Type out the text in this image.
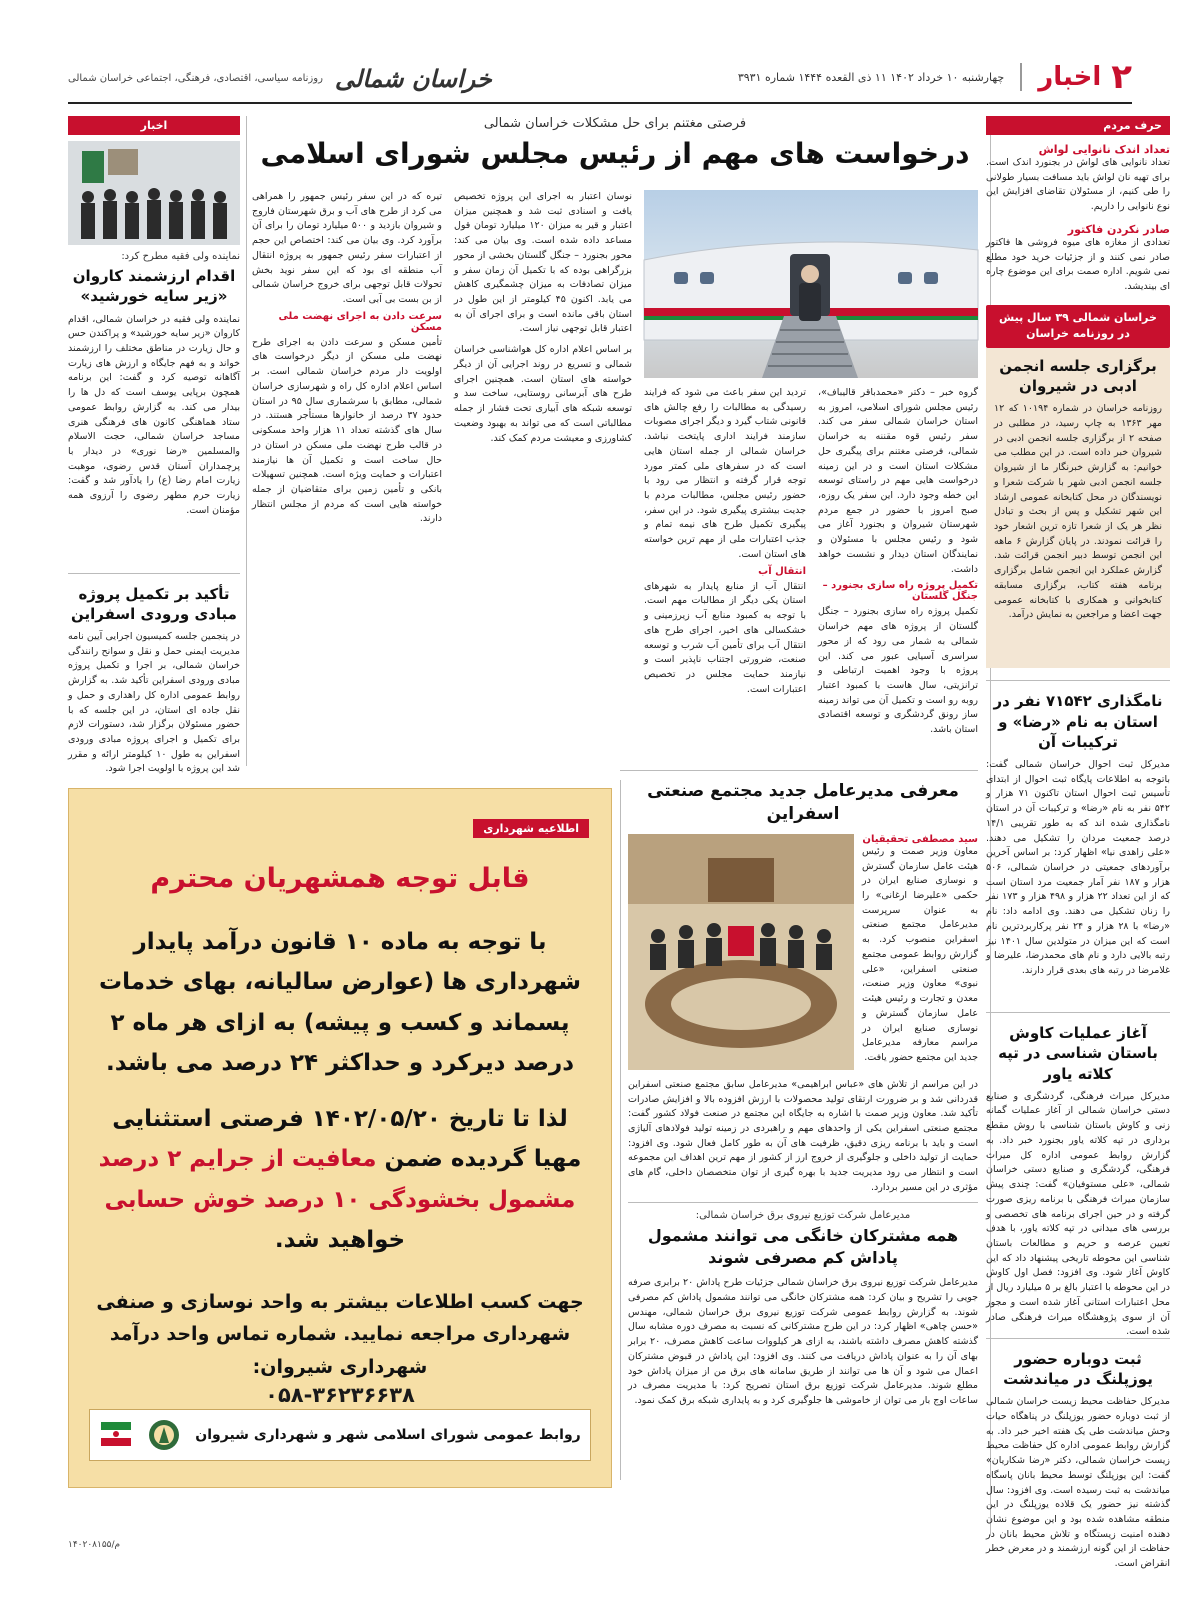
۲
اخبار
چهارشنبه ۱۰ خرداد ۱۴۰۲ ۱۱ ذی القعده ۱۴۴۴ شماره ۳۹۳۱
خراسان شمالی
روزنامه سیاسی، اقتصادی، فرهنگی، اجتماعی خراسان شمالی
حرف مردم
تعداد اندک نانوایی لواش

تعداد نانوایی های لواش در بجنورد اندک است. برای تهیه نان لواش باید مسافت بسیار طولانی را طی کنیم، از مسئولان تقاضای افزایش این نوع نانوایی را داریم.

صادر نکردن فاکتور

تعدادی از مغازه های میوه فروشی ها فاکتور صادر نمی کنند و از جزئیات خرید خود مطلع نمی شویم. اداره صمت برای این موضوع چاره ای بیندیشد.

خراسان شمالی ۳۹ سال پیش
در روزنامه خراسان
برگزاری جلسه انجمن ادبی در شیروان

روزنامه خراسان در شماره ۱۰۱۹۴ که ۱۲ مهر ۱۳۶۳ به چاپ رسید، در مطلبی در صفحه ۲ از برگزاری جلسه انجمن ادبی در شیروان خبر داده است. در این مطلب می خوانیم: به گزارش خبرنگار ما از شیروان جلسه انجمن ادبی شهر با شرکت شعرا و نویسندگان در محل کتابخانه عمومی ارشاد این شهر تشکیل و پس از بحث و تبادل نظر هر یک از شعرا تازه ترین اشعار خود را قرائت نمودند. در پایان گزارش ۶ ماهه این انجمن توسط دبیر انجمن قرائت شد. گزارش عملکرد این انجمن شامل برگزاری برنامه هفته کتاب، برگزاری مسابقه کتابخوانی و همکاری با کتابخانه عمومی جهت اعضا و مراجعین به نمایش درآمد.

نامگذاری ۷۱۵۴۲ نفر در استان به نام «رضا» و ترکیبات آن

مدیرکل ثبت احوال خراسان شمالی گفت: باتوجه به اطلاعات پایگاه ثبت احوال از ابتدای تأسیس ثبت احوال استان تاکنون ۷۱ هزار و ۵۴۲ نفر به نام «رضا» و ترکیبات آن در استان نامگذاری شده اند که به طور تقریبی ۱۴/۱ درصد جمعیت مردان را تشکیل می دهند. «علی زاهدی نیا» اظهار کرد: بر اساس آخرین برآوردهای جمعیتی در خراسان شمالی، ۵۰۶ هزار و ۱۸۷ نفر آمار جمعیت مرد استان است که از این تعداد ۲۲ هزار و ۴۹۸ هزار و ۱۷۳ نفر را زنان تشکیل می دهند. وی ادامه داد: نام «رضا» با ۲۸ هزار و ۲۴ نفر پرکاربردترین نام است که این میزان در متولدین سال ۱۴۰۱ نیز رتبه بالایی دارد و نام های محمدرضا، علیرضا و غلامرضا در رتبه های بعدی قرار دارند.

آغاز عملیات کاوش باستان شناسی در تپه کلاته یاور

مدیرکل میراث فرهنگی، گردشگری و صنایع دستی خراسان شمالی از آغاز عملیات گمانه زنی و کاوش باستان شناسی با روش مقطع برداری در تپه کلاته یاور بجنورد خبر داد. به گزارش روابط عمومی اداره کل میراث فرهنگی، گردشگری و صنایع دستی خراسان شمالی، «علی مستوفیان» گفت: چندی پیش سازمان میراث فرهنگی با برنامه ریزی صورت گرفته و در حین اجرای برنامه های تخصصی و بررسی های میدانی در تپه کلاته یاور، با هدف تعیین عرصه و حریم و مطالعات باستان شناسی این محوطه تاریخی پیشنهاد داد که این کاوش آغاز شود. وی افزود: فصل اول کاوش در این محوطه با اعتبار بالغ بر ۵ میلیارد ریال از محل اعتبارات استانی آغاز شده است و مجوز آن از سوی پژوهشگاه میراث فرهنگی صادر شده است.

ثبت دوباره حضور یوزپلنگ در میاندشت

مدیرکل حفاظت محیط زیست خراسان شمالی از ثبت دوباره حضور یوزپلنگ در پناهگاه حیات وحش میاندشت طی یک هفته اخیر خبر داد. به گزارش روابط عمومی اداره کل حفاظت محیط زیست خراسان شمالی، دکتر «رضا شکاریان» گفت: این یوزپلنگ توسط محیط بانان پاسگاه میاندشت به ثبت رسیده است. وی افزود: سال گذشته نیز حضور یک قلاده یوزپلنگ در این منطقه مشاهده شده بود و این موضوع نشان دهنده امنیت زیستگاه و تلاش محیط بانان در حفاظت از این گونه ارزشمند و در معرض خطر انقراض است.

فرصتی مغتنم برای حل مشکلات خراسان شمالی
درخواست های مهم از رئیس مجلس شورای اسلامی

گروه خبر – دکتر «محمدباقر قالیباف»، رئیس مجلس شورای اسلامی، امروز به استان خراسان شمالی سفر می کند. سفر رئیس قوه مقننه به خراسان شمالی، فرصتی مغتنم برای پیگیری حل مشکلات استان است و در این زمینه درخواست هایی مهم در راستای توسعه این خطه وجود دارد. این سفر یک روزه، صبح امروز با حضور در جمع مردم شهرستان شیروان و بجنورد آغاز می شود و رئیس مجلس با مسئولان و نمایندگان استان دیدار و نشست خواهد داشت.

تکمیل پروژه راه سازی بجنورد – جنگل گلستان

تکمیل پروژه راه سازی بجنورد – جنگل گلستان از پروژه های مهم خراسان شمالی به شمار می رود که از محور سراسری آسیایی عبور می کند. این پروژه با وجود اهمیت ارتباطی و ترانزیتی، سال هاست با کمبود اعتبار روبه رو است و تکمیل آن می تواند زمینه ساز رونق گردشگری و توسعه اقتصادی استان باشد.

تردید این سفر باعث می شود که فرایند رسیدگی به مطالبات را رفع چالش های قانونی شتاب گیرد و دیگر اجرای مصوبات سازمند فرایند اداری پایتخت نباشد. خراسان شمالی از جمله استان هایی است که در سفرهای ملی کمتر مورد توجه قرار گرفته و انتظار می رود با حضور رئیس مجلس، مطالبات مردم با جدیت بیشتری پیگیری شود. در این سفر، پیگیری تکمیل طرح های نیمه تمام و جذب اعتبارات ملی از مهم ترین خواسته های استان است.

انتقال آب

انتقال آب از منابع پایدار به شهرهای استان یکی دیگر از مطالبات مهم است. با توجه به کمبود منابع آب زیرزمینی و خشکسالی های اخیر، اجرای طرح های انتقال آب برای تأمین آب شرب و توسعه صنعت، ضرورتی اجتناب ناپذیر است و نیازمند حمایت مجلس در تخصیص اعتبارات است.

نوسان اعتبار به اجرای این پروژه تخصیص یافت و اسنادی ثبت شد و همچنین میزان اعتبار و قیر به میزان ۱۲۰ میلیارد تومان قول مساعد داده شده است. وی بیان می کند: محور بجنورد – جنگل گلستان بخشی از محور بزرگراهی بوده که با تکمیل آن زمان سفر و میزان تصادفات به میزان چشمگیری کاهش می یابد. اکنون ۴۵ کیلومتر از این طول در استان باقی مانده است و برای اجرای آن به اعتبار قابل توجهی نیاز است.

بر اساس اعلام اداره کل هواشناسی خراسان شمالی و تسریع در روند اجرایی آن از دیگر خواسته های استان است. همچنین اجرای طرح های آبرسانی روستایی، ساخت سد و توسعه شبکه های آبیاری تحت فشار از جمله مطالباتی است که می تواند به بهبود وضعیت کشاورزی و معیشت مردم کمک کند.

تیره که در این سفر رئیس جمهور را همراهی می کرد از طرح های آب و برق شهرستان فاروج و شیروان بازدید و ۵۰۰ میلیارد تومان را برای آن برآورد کرد. وی بیان می کند: اختصاص این حجم از اعتبارات سفر رئیس جمهور به پروژه انتقال آب منطقه ای بود که این سفر نوید بخش تحولات قابل توجهی برای خروج خراسان شمالی از بن بست بی آبی است.

سرعت دادن به اجرای نهضت ملی مسکن

تأمین مسکن و سرعت دادن به اجرای طرح نهضت ملی مسکن از دیگر درخواست های اولویت دار مردم خراسان شمالی است. بر اساس اعلام اداره کل راه و شهرسازی خراسان شمالی، مطابق با سرشماری سال ۹۵ در استان حدود ۳۷ درصد از خانوارها مستأجر هستند. در سال های گذشته تعداد ۱۱ هزار واحد مسکونی در قالب طرح نهضت ملی مسکن در استان در حال ساخت است و تکمیل آن ها نیازمند اعتبارات و حمایت ویژه است. همچنین تسهیلات بانکی و تأمین زمین برای متقاضیان از جمله خواسته هایی است که مردم از مجلس انتظار دارند.

اخبار
نماینده ولی فقیه مطرح کرد:
اقدام ارزشمند کاروان «زیر سایه خورشید»

نماینده ولی فقیه در خراسان شمالی، اقدام کاروان «زیر سایه خورشید» و پراکندن حس و حال زیارت در مناطق مختلف را ارزشمند خواند و به فهم جایگاه و ارزش های زیارت آگاهانه توصیه کرد و گفت: این برنامه همچون برپایی یوسف است که دل ها را بیدار می کند. به گزارش روابط عمومی ستاد هماهنگی کانون های فرهنگی هنری مساجد خراسان شمالی، حجت الاسلام والمسلمین «رضا نوری» در دیدار با پرچمداران آستان قدس رضوی، موهبت زیارت امام رضا (ع) را یادآور شد و گفت: زیارت حرم مطهر رضوی را آرزوی همه مؤمنان است.

تأکید بر تکمیل پروژه مبادی ورودی اسفراین

در پنجمین جلسه کمیسیون اجرایی آیین نامه مدیریت ایمنی حمل و نقل و سوانح رانندگی خراسان شمالی، بر اجرا و تکمیل پروژه مبادی ورودی اسفراین تأکید شد. به گزارش روابط عمومی اداره کل راهداری و حمل و نقل جاده ای استان، در این جلسه که با حضور مسئولان برگزار شد، دستورات لازم برای تکمیل و اجرای پروژه مبادی ورودی اسفراین به طول ۱۰ کیلومتر ارائه و مقرر شد این پروژه با اولویت اجرا شود.

معرفی مدیرعامل جدید مجتمع صنعتی اسفراین
سید مصطفی تحقیقیان

معاون وزیر صمت و رئیس هیئت عامل سازمان گسترش و نوسازی صنایع ایران در حکمی «علیرضا ارغانی» را به عنوان سرپرست مدیرعامل مجتمع صنعتی اسفراین منصوب کرد. به گزارش روابط عمومی مجتمع صنعتی اسفراین، «علی نبوی» معاون وزیر صنعت، معدن و تجارت و رئیس هیئت عامل سازمان گسترش و نوسازی صنایع ایران در مراسم معارفه مدیرعامل جدید این مجتمع حضور یافت.

در این مراسم از تلاش های «عباس ابراهیمی» مدیرعامل سابق مجتمع صنعتی اسفراین قدردانی شد و بر ضرورت ارتقای تولید محصولات با ارزش افزوده بالا و افزایش صادرات تأکید شد. معاون وزیر صمت با اشاره به جایگاه این مجتمع در صنعت فولاد کشور گفت: مجتمع صنعتی اسفراین یکی از واحدهای مهم و راهبردی در زمینه تولید فولادهای آلیاژی است و باید با برنامه ریزی دقیق، ظرفیت های آن به طور کامل فعال شود. وی افزود: حمایت از تولید داخلی و جلوگیری از خروج ارز از کشور از مهم ترین اهداف این مجموعه است و انتظار می رود مدیریت جدید با بهره گیری از توان متخصصان داخلی، گام های مؤثری در این مسیر بردارد.

مدیرعامل شرکت توزیع نیروی برق خراسان شمالی:
همه مشترکان خانگی می توانند مشمول پاداش کم مصرفی شوند

مدیرعامل شرکت توزیع نیروی برق خراسان شمالی جزئیات طرح پاداش ۲۰ برابری صرفه جویی را تشریح و بیان کرد: همه مشترکان خانگی می توانند مشمول پاداش کم مصرفی شوند. به گزارش روابط عمومی شرکت توزیع نیروی برق خراسان شمالی، مهندس «حسن چاهی» اظهار کرد: در این طرح مشترکانی که نسبت به مصرف دوره مشابه سال گذشته کاهش مصرف داشته باشند، به ازای هر کیلووات ساعت کاهش مصرف، ۲۰ برابر بهای آن را به عنوان پاداش دریافت می کنند. وی افزود: این پاداش در قبوض مشترکان اعمال می شود و آن ها می توانند از طریق سامانه های برق من از میزان پاداش خود مطلع شوند. مدیرعامل شرکت توزیع برق استان تصریح کرد: با مدیریت مصرف در ساعات اوج بار می توان از خاموشی ها جلوگیری کرد و به پایداری شبکه برق کمک نمود.

اطلاعیه شهرداری
قابل توجه همشهریان محترم

با توجه به ماده ۱۰ قانون درآمد پایدار شهرداری ها (عوارض سالیانه، بهای خدمات پسماند و کسب و پیشه) به ازای هر ماه ۲ درصد دیرکرد و حداکثر ۲۴ درصد می باشد.

لذا تا تاریخ ۱۴۰۲/۰۵/۲۰ فرصتی استثنایی مهیا گردیده ضمن معافیت از جرایم ۲ درصد مشمول بخشودگی ۱۰ درصد خوش حسابی خواهید شد.

جهت کسب اطلاعات بیشتر به واحد نوسازی و صنفی شهرداری مراجعه نمایید. شماره تماس واحد درآمد شهرداری شیروان:

۰۵۸-۳۶۲۳۶۶۳۸
روابط عمومی شورای اسلامی شهر و شهرداری شیروان
۱۴۰۲۰۸۱۵۵/م
